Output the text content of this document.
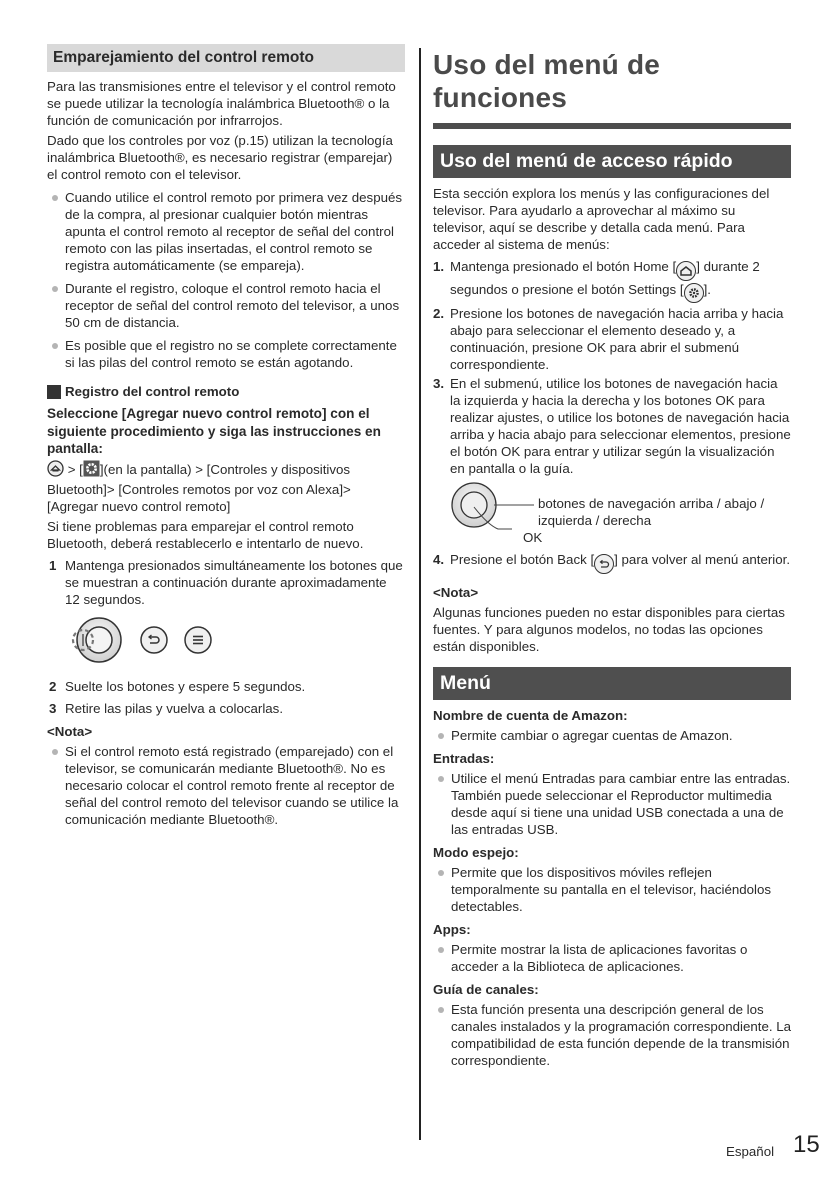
Emparejamiento del control remoto

Para las transmisiones entre el televisor y el control remoto se puede utilizar la tecnología inalámbrica Bluetooth® o la función de comunicación por infrarrojos.

Dado que los controles por voz (p.15) utilizan la tecnología inalámbrica Bluetooth®, es necesario registrar (emparejar) el control remoto con el televisor.

Cuando utilice el control remoto por primera vez después de la compra, al presionar cualquier botón mientras apunta el control remoto al receptor de señal del control remoto con las pilas insertadas, el control remoto se registra automáticamente (se empareja).
Durante el registro, coloque el control remoto hacia el receptor de señal del control remoto del televisor, a unos 50 cm de distancia.
Es posible que el registro no se complete correctamente si las pilas del control remoto se están agotando.
Registro del control remoto
Seleccione [Agregar nuevo control remoto] con el siguiente procedimiento y siga las instrucciones en pantalla:

> [ ](en la pantalla) > [Controles y dispositivos Bluetooth]> [Controles remotos por voz con Alexa]> [Agregar nuevo control remoto]

Si tiene problemas para emparejar el control remoto Bluetooth, deberá restablecerlo e intentarlo de nuevo.

1 Mantenga presionados simultáneamente los botones que se muestran a continuación durante aproximadamente 12 segundos.
2 Suelte los botones y espere 5 segundos.
3 Retire las pilas y vuelva a colocarlas.
<Nota>
Si el control remoto está registrado (emparejado) con el televisor, se comunicarán mediante Bluetooth®. No es necesario colocar el control remoto frente al receptor de señal del control remoto del televisor cuando se utilice la comunicación mediante Bluetooth®.
Uso del menú de funciones
Uso del menú de acceso rápido

Esta sección explora los menús y las configuraciones del televisor. Para ayudarlo a aprovechar al máximo su televisor, aquí se describe y detalla cada menú. Para acceder al sistema de menús:

1. Mantenga presionado el botón Home [ ] durante 2 segundos o presione el botón Settings [ ].
2. Presione los botones de navegación hacia arriba y hacia abajo para seleccionar el elemento deseado y, a continuación, presione OK para abrir el submenú correspondiente.
3. En el submenú, utilice los botones de navegación hacia la izquierda y hacia la derecha y los botones OK para realizar ajustes, o utilice los botones de navegación hacia arriba y hacia abajo para seleccionar elementos, presione el botón OK para entrar y utilizar según la visualización en pantalla o la guía.
botones de navegación arriba / abajo / izquierda / derecha
OK
4. Presione el botón Back [ ] para volver al menú anterior.
<Nota>

Algunas funciones pueden no estar disponibles para ciertas fuentes. Y para algunos modelos, no todas las opciones están disponibles.

Menú
Nombre de cuenta de Amazon:
Permite cambiar o agregar cuentas de Amazon.
Entradas:
Utilice el menú Entradas para cambiar entre las entradas. También puede seleccionar el Reproductor multimedia desde aquí si tiene una unidad USB conectada a una de las entradas USB.
Modo espejo:
Permite que los dispositivos móviles reflejen temporalmente su pantalla en el televisor, haciéndolos detectables.
Apps:
Permite mostrar la lista de aplicaciones favoritas o acceder a la Biblioteca de aplicaciones.
Guía de canales:
Esta función presenta una descripción general de los canales instalados y la programación correspondiente. La compatibilidad de esta función depende de la transmisión correspondiente.
Español 15
